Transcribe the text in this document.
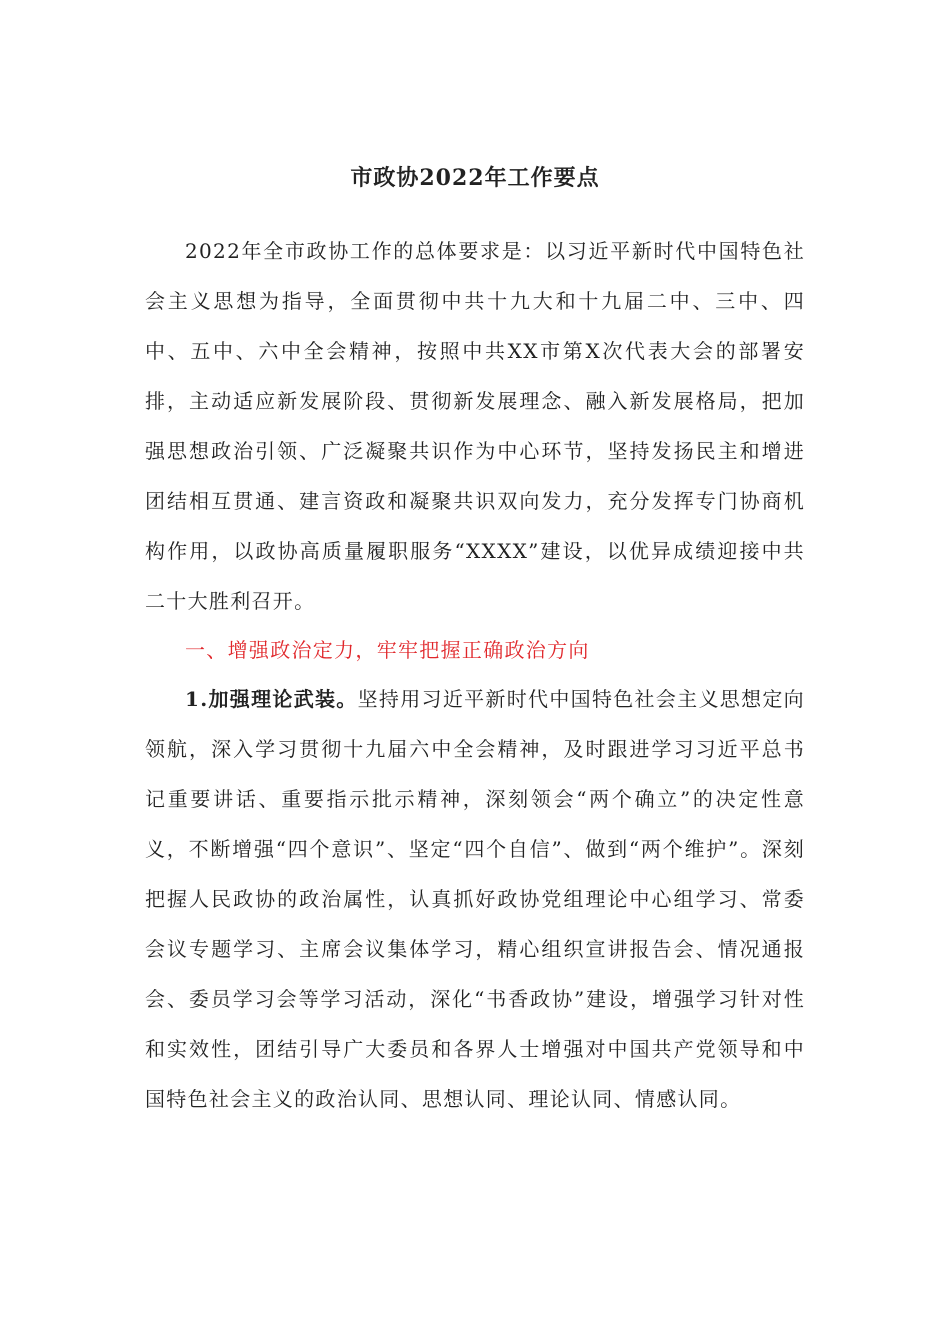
市政协2022年工作要点
2022年全市政协工作的总体要求是：以习近平新时代中国特色社会主义思想为指导，全面贯彻中共十九大和十九届二中、三中、四中、五中、六中全会精神，按照中共XX市第X次代表大会的部署安排，主动适应新发展阶段、贯彻新发展理念、融入新发展格局，把加强思想政治引领、广泛凝聚共识作为中心环节，坚持发扬民主和增进团结相互贯通、建言资政和凝聚共识双向发力，充分发挥专门协商机构作用，以政协高质量履职服务“XXXX”建设，以优异成绩迎接中共二十大胜利召开。
一、增强政治定力，牢牢把握正确政治方向
1.加强理论武装。坚持用习近平新时代中国特色社会主义思想定向领航，深入学习贯彻十九届六中全会精神，及时跟进学习习近平总书记重要讲话、重要指示批示精神，深刻领会“两个确立”的决定性意义，不断增强“四个意识”、坚定“四个自信”、做到“两个维护”。深刻把握人民政协的政治属性，认真抓好政协党组理论中心组学习、常委会议专题学习、主席会议集体学习，精心组织宣讲报告会、情况通报会、委员学习会等学习活动，深化“书香政协”建设，增强学习针对性和实效性，团结引导广大委员和各界人士增强对中国共产党领导和中国特色社会主义的政治认同、思想认同、理论认同、情感认同。
